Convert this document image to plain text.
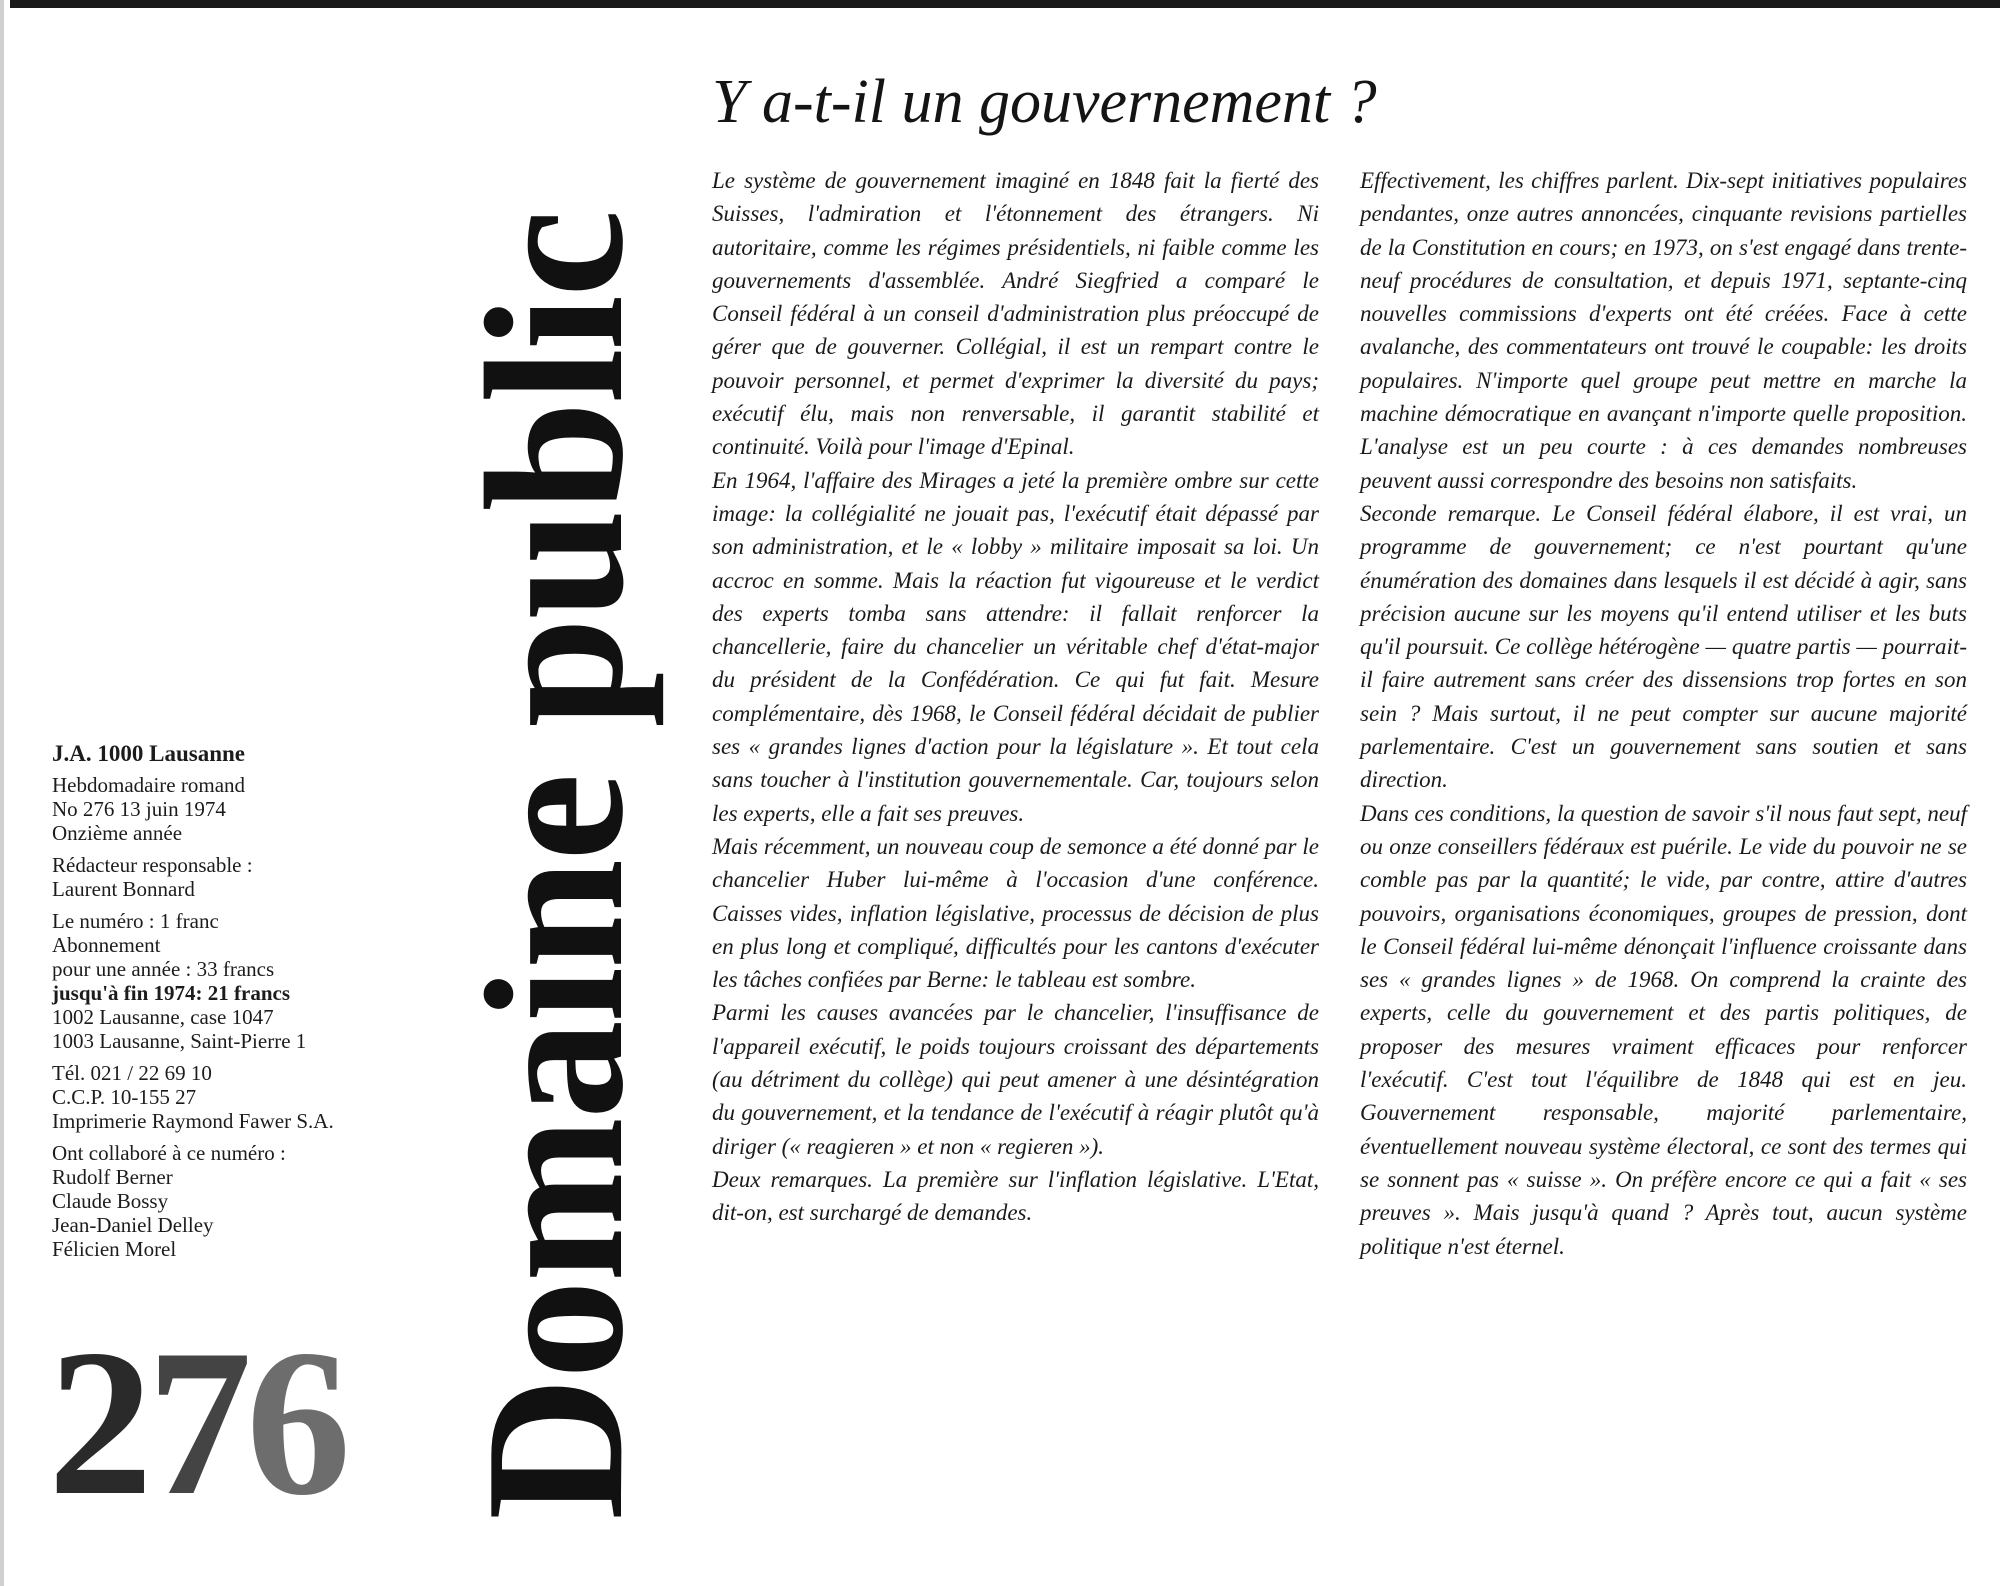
Domaine public
J.A. 1000 Lausanne
Hebdomadaire romand
No 276 13 juin 1974
Onzième année
Rédacteur responsable :
Laurent Bonnard
Le numéro : 1 franc
Abonnement
pour une année : 33 francs
jusqu'à fin 1974: 21 francs
1002 Lausanne, case 1047
1003 Lausanne, Saint-Pierre 1
Tél. 021 / 22 69 10
C.C.P. 10-155 27
Imprimerie Raymond Fawer S.A.
Ont collaboré à ce numéro :
Rudolf Berner
Claude Bossy
Jean-Daniel Delley
Félicien Morel
276
Y a-t-il un gouvernement ?

Le système de gouvernement imaginé en 1848 fait la fierté des Suisses, l'admiration et l'étonnement des étrangers. Ni autoritaire, comme les régimes présidentiels, ni faible comme les gouvernements d'assemblée. André Siegfried a comparé le Conseil fédéral à un conseil d'administration plus préoccupé de gérer que de gouverner. Collégial, il est un rempart contre le pouvoir personnel, et permet d'exprimer la diversité du pays; exécutif élu, mais non renversable, il garantit stabilité et continuité. Voilà pour l'image d'Epinal.

En 1964, l'affaire des Mirages a jeté la première ombre sur cette image: la collégialité ne jouait pas, l'exécutif était dépassé par son administration, et le « lobby » militaire imposait sa loi. Un accroc en somme. Mais la réaction fut vigoureuse et le verdict des experts tomba sans attendre: il fallait renforcer la chancellerie, faire du chancelier un véritable chef d'état-major du président de la Confédération. Ce qui fut fait. Mesure complémentaire, dès 1968, le Conseil fédéral décidait de publier ses « grandes lignes d'action pour la législature ». Et tout cela sans toucher à l'institution gouvernementale. Car, toujours selon les experts, elle a fait ses preuves.

Mais récemment, un nouveau coup de semonce a été donné par le chancelier Huber lui-même à l'occasion d'une conférence. Caisses vides, inflation législative, processus de décision de plus en plus long et compliqué, difficultés pour les cantons d'exécuter les tâches confiées par Berne: le tableau est sombre.

Parmi les causes avancées par le chancelier, l'insuffisance de l'appareil exécutif, le poids toujours croissant des départements (au détriment du collège) qui peut amener à une désintégration du gouvernement, et la tendance de l'exécutif à réagir plutôt qu'à diriger (« reagieren » et non « regieren »).

Deux remarques. La première sur l'inflation législative. L'Etat, dit-on, est surchargé de demandes.

Effectivement, les chiffres parlent. Dix-sept initiatives populaires pendantes, onze autres annoncées, cinquante revisions partielles de la Constitution en cours; en 1973, on s'est engagé dans trente-neuf procédures de consultation, et depuis 1971, septante-cinq nouvelles commissions d'experts ont été créées. Face à cette avalanche, des commentateurs ont trouvé le coupable: les droits populaires. N'importe quel groupe peut mettre en marche la machine démocratique en avançant n'importe quelle proposition. L'analyse est un peu courte : à ces demandes nombreuses peuvent aussi correspondre des besoins non satisfaits.

Seconde remarque. Le Conseil fédéral élabore, il est vrai, un programme de gouvernement; ce n'est pourtant qu'une énumération des domaines dans lesquels il est décidé à agir, sans précision aucune sur les moyens qu'il entend utiliser et les buts qu'il poursuit. Ce collège hétérogène — quatre partis — pourrait-il faire autrement sans créer des dissensions trop fortes en son sein ? Mais surtout, il ne peut compter sur aucune majorité parlementaire. C'est un gouvernement sans soutien et sans direction.

Dans ces conditions, la question de savoir s'il nous faut sept, neuf ou onze conseillers fédéraux est puérile. Le vide du pouvoir ne se comble pas par la quantité; le vide, par contre, attire d'autres pouvoirs, organisations économiques, groupes de pression, dont le Conseil fédéral lui-même dénonçait l'influence croissante dans ses « grandes lignes » de 1968. On comprend la crainte des experts, celle du gouvernement et des partis politiques, de proposer des mesures vraiment efficaces pour renforcer l'exécutif. C'est tout l'équilibre de 1848 qui est en jeu. Gouvernement responsable, majorité parlementaire, éventuellement nouveau système électoral, ce sont des termes qui se sonnent pas « suisse ». On préfère encore ce qui a fait « ses preuves ». Mais jusqu'à quand ? Après tout, aucun système politique n'est éternel.
